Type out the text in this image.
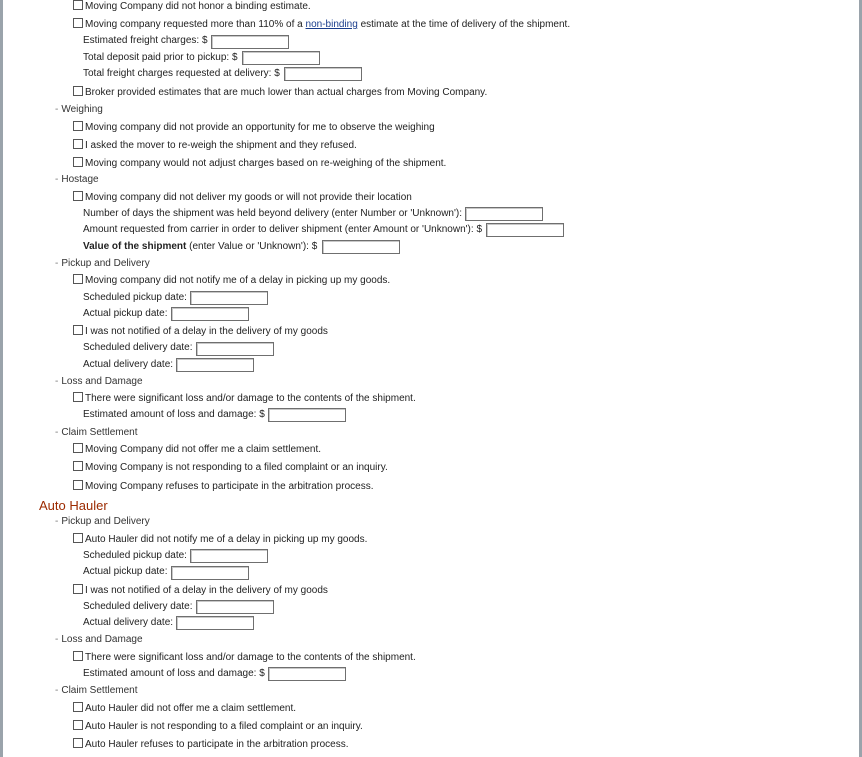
Moving Company did not honor a binding estimate.
Moving company requested more than 110% of a non-binding estimate at the time of delivery of the shipment.
Estimated freight charges: $
Total deposit paid prior to pickup: $
Total freight charges requested at delivery: $
Broker provided estimates that are much lower than actual charges from Moving Company.
- Weighing
Moving company did not provide an opportunity for me to observe the weighing
I asked the mover to re-weigh the shipment and they refused.
Moving company would not adjust charges based on re-weighing of the shipment.
- Hostage
Moving company did not deliver my goods or will not provide their location
Number of days the shipment was held beyond delivery (enter Number or 'Unknown'):
Amount requested from carrier in order to deliver shipment (enter Amount or 'Unknown'): $
Value of the shipment (enter Value or 'Unknown'): $
- Pickup and Delivery
Moving company did not notify me of a delay in picking up my goods.
Scheduled pickup date:
Actual pickup date:
I was not notified of a delay in the delivery of my goods
Scheduled delivery date:
Actual delivery date:
- Loss and Damage
There were significant loss and/or damage to the contents of the shipment.
Estimated amount of loss and damage: $
- Claim Settlement
Moving Company did not offer me a claim settlement.
Moving Company is not responding to a filed complaint or an inquiry.
Moving Company refuses to participate in the arbitration process.
Auto Hauler
- Pickup and Delivery
Auto Hauler did not notify me of a delay in picking up my goods.
Scheduled pickup date:
Actual pickup date:
I was not notified of a delay in the delivery of my goods
Scheduled delivery date:
Actual delivery date:
- Loss and Damage
There were significant loss and/or damage to the contents of the shipment.
Estimated amount of loss and damage: $
- Claim Settlement
Auto Hauler did not offer me a claim settlement.
Auto Hauler is not responding to a filed complaint or an inquiry.
Auto Hauler refuses to participate in the arbitration process.
